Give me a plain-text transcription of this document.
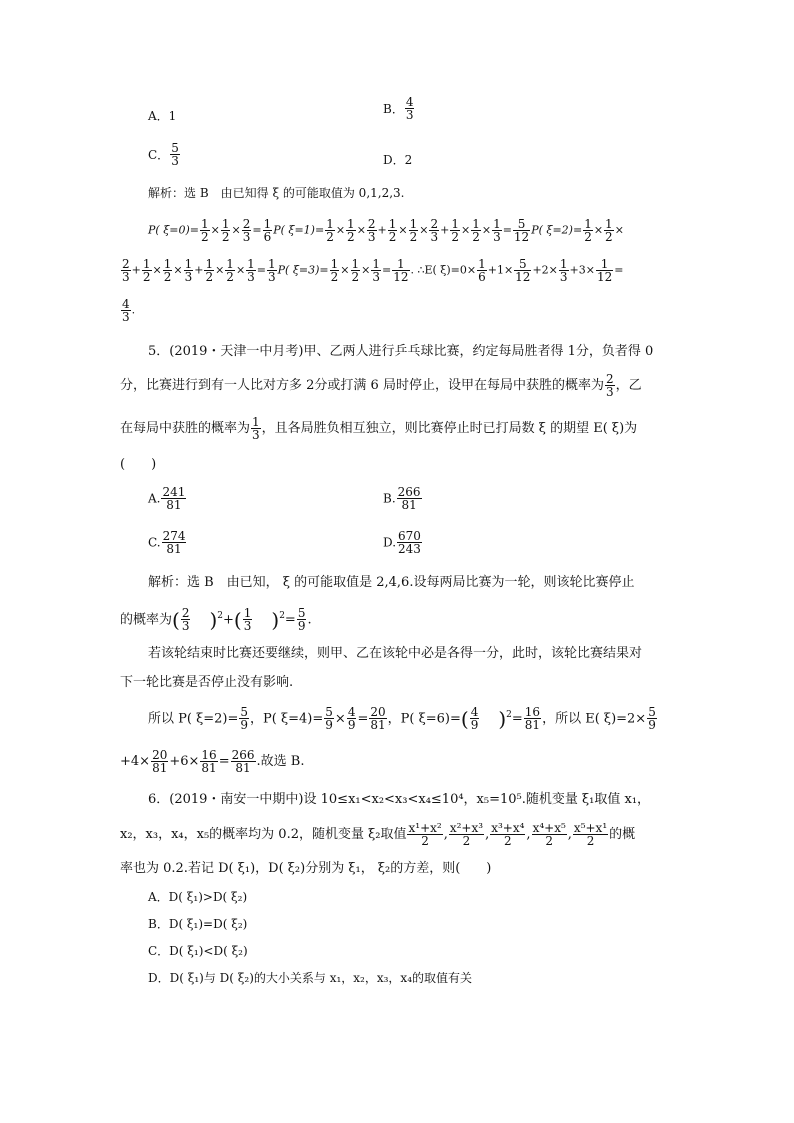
A．1	B． $\frac{4}{3}$
C． $\frac{5}{3}$	D．2
解析：选 B　由已知得 ξ 的可能取值为 0,1,2,3.
P( $\xi=0)= \frac{1}{2} \times \frac{1}{2} \times \frac{2}{3} = \frac{1}{6} P$( $\xi=1)= \frac{1}{2} \times \frac{1}{2} \times \frac{2}{3} + \frac{1}{2} \times \frac{1}{2} \times \frac{2}{3} + \frac{1}{2} \times \frac{1}{2} \times \frac{1}{3} = \frac{5}{12} P$( $\xi=2)= \frac{1}{2} \times \frac{1}{2}$ ×
$\frac{2}{3} + \frac{1}{2} \times \frac{1}{2} \times \frac{1}{3} + \frac{1}{2} \times \frac{1}{2} \times \frac{1}{3} = \frac{1}{3} P$( $\xi=3)= \frac{1}{2} \times \frac{1}{2} \times \frac{1}{3} = \frac{1}{12}$ . ∴E( $\xi)=0\times \frac{1}{6} +1\times \frac{5}{12} +2\times \frac{1}{3} +3\times \frac{1}{12}$ =
$\frac{4}{3}$ .
5．(2019・天津一中月考)甲、乙两人进行乒乓球比赛，约定每局胜者得 1分，负者得 0
分，比赛进行到有一人比对方多 2分或打满 6 局时停止，设甲在每局中获胜的概率为 $\frac{2}{3}$ ，乙
在每局中获胜的概率为 $\frac{1}{3}$ ，且各局胜负相互独立，则比赛停止时已打局数 ξ 的期望 E( ξ)为
(　　)
A. $\frac{241}{81}$	B. $\frac{266}{81}$
C. $\frac{274}{81}$	D. $\frac{670}{243}$
解析：选 B　由已知， ξ 的可能取值是 2,4,6.设每两局比赛为一轮，则该轮比赛停止
的概率为( $\frac{2}{3} )^2+( \frac{1}{3} )^2= \frac{5}{9}$ .
若该轮结束时比赛还要继续，则甲、乙在该轮中必是各得一分，此时，该轮比赛结果对
下一轮比赛是否停止没有影响.
所以 P( $\xi=2)= \frac{5}{9}$ ，P( $\xi=4)= \frac{5}{9} \times \frac{4}{9} = \frac{20}{81}$ ，P( $\xi=6)=( \frac{4}{9} )^2= \frac{16}{81}$ ，所以 E( $\xi)=2\times \frac{5}{9}$
$+4\times \frac{20}{81} +6\times \frac{16}{81} = \frac{266}{81}$ .故选 B.
6．(2019・南安一中期中)设 10≤x₁<x₂<x₃<x₄≤10⁴，x₅=10⁵.随机变量 ξ₁取值 x₁，
x₂，x₃，x₄，x₅的概率均为 0.2，随机变量 ξ₂取值 $\frac{\text{x¹+x²}}{2}$ , $\frac{\text{x²+x³}}{2}$ , $\frac{\text{x³+x⁴}}{2}$ , $\frac{\text{x⁴+x⁵}}{2}$ , $\frac{\text{x⁵+x¹}}{2}$ 的概
率也为 0.2.若记 D( ξ₁)，D( ξ₂)分别为 ξ₁， ξ₂的方差，则(　　)
A．D( ξ₁)>D( ξ₂)
B．D( ξ₁)=D( ξ₂)
C．D( ξ₁)<D( ξ₂)
D．D( ξ₁)与 D( ξ₂)的大小关系与 x₁，x₂，x₃，x₄的取值有关
